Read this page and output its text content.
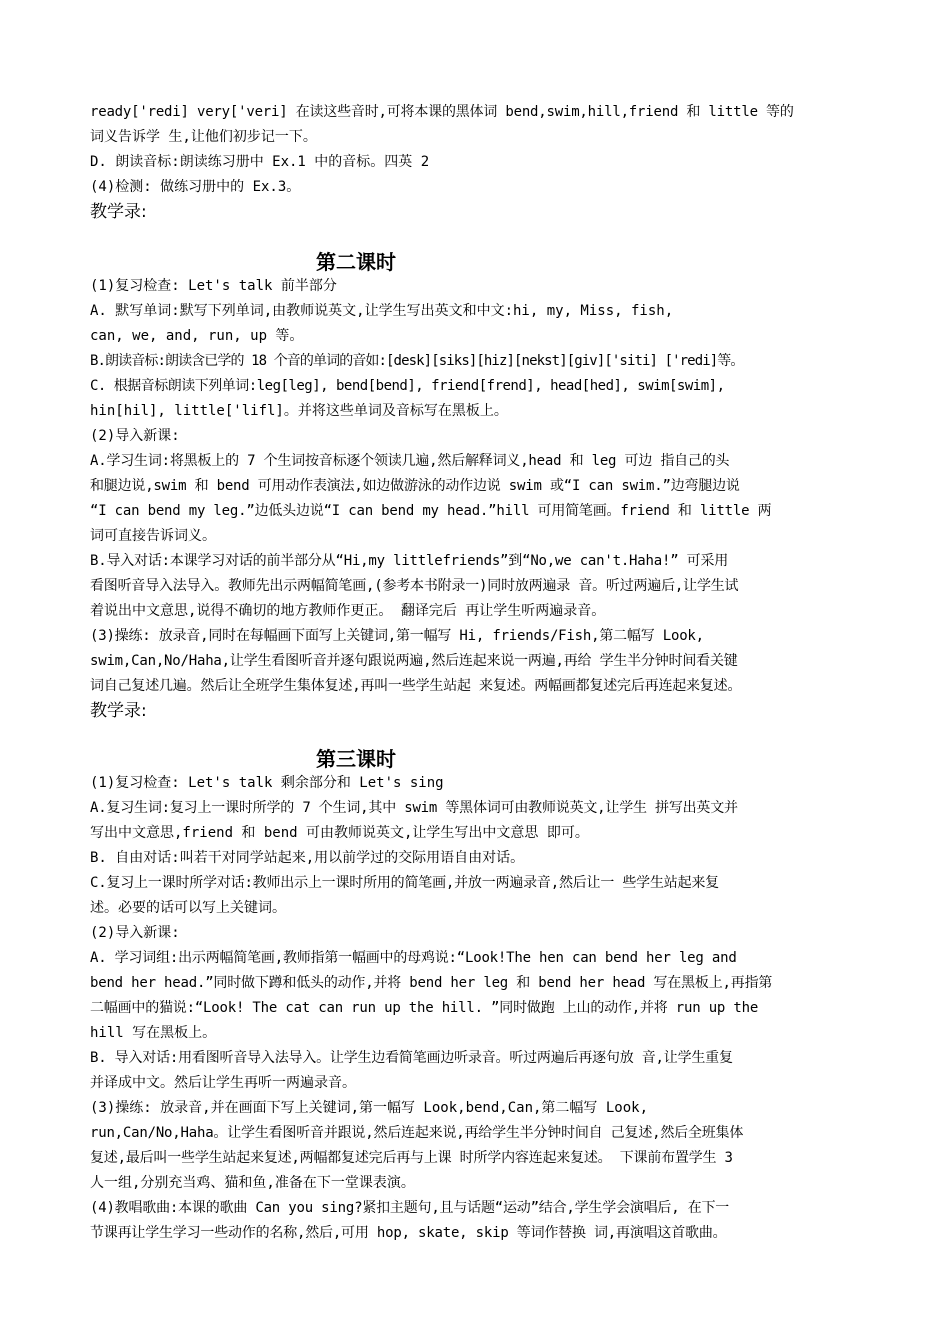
ready['redi] very['veri] 在读这些音时,可将本课的黑体词 bend,swim,hill,friend 和 little 等的
词义告诉学 生,让他们初步记一下。
D. 朗读音标:朗读练习册中 Ex.1 中的音标。四英 2
(4)检测: 做练习册中的 Ex.3。
教学录:
第二课时
(1)复习检查: Let's talk 前半部分
A. 默写单词:默写下列单词,由教师说英文,让学生写出英文和中文:hi, my, Miss, fish,
can, we, and, run, up 等。
B.朗读音标:朗读含已学的 18 个音的单词的音如:[desk][siks][hiz][nekst][giv]['siti] ['redi]等。
C. 根据音标朗读下列单词:leg[leg], bend[bend], friend[frend], head[hed], swim[swim],
hin[hil], little['lifl]。并将这些单词及音标写在黑板上。
(2)导入新课:
A.学习生词:将黑板上的 7 个生词按音标逐个领读几遍,然后解释词义,head 和 leg 可边 指自己的头
和腿边说,swim 和 bend 可用动作表演法,如边做游泳的动作边说 swim 或“I can swim.”边弯腿边说
“I can bend my leg.”边低头边说“I can bend my head.”hill 可用简笔画。friend 和 little 两
词可直接告诉词义。
B.导入对话:本课学习对话的前半部分从“Hi,my littlefriends”到“No,we can't.Haha!” 可采用
看图听音导入法导入。教师先出示两幅简笔画,(参考本书附录一)同时放两遍录 音。听过两遍后,让学生试
着说出中文意思,说得不确切的地方教师作更正。 翻译完后 再让学生听两遍录音。
(3)操练: 放录音,同时在每幅画下面写上关键词,第一幅写 Hi, friends/Fish,第二幅写 Look,
swim,Can,No/Haha,让学生看图听音并逐句跟说两遍,然后连起来说一两遍,再给 学生半分钟时间看关键
词自己复述几遍。然后让全班学生集体复述,再叫一些学生站起 来复述。两幅画都复述完后再连起来复述。
教学录:
第三课时
(1)复习检查: Let's talk 剩余部分和 Let's sing
A.复习生词:复习上一课时所学的 7 个生词,其中 swim 等黑体词可由教师说英文,让学生 拼写出英文并
写出中文意思,friend 和 bend 可由教师说英文,让学生写出中文意思 即可。
B. 自由对话:叫若干对同学站起来,用以前学过的交际用语自由对话。
C.复习上一课时所学对话:教师出示上一课时所用的简笔画,并放一两遍录音,然后让一 些学生站起来复
述。必要的话可以写上关键词。
(2)导入新课:
A. 学习词组:出示两幅简笔画,教师指第一幅画中的母鸡说:“Look!The hen can bend her leg and
bend her head.”同时做下蹲和低头的动作,并将 bend her leg 和 bend her head 写在黑板上,再指第
二幅画中的猫说:“Look! The cat can run up the hill. ”同时做跑 上山的动作,并将 run up the
hill 写在黑板上。
B. 导入对话:用看图听音导入法导入。让学生边看简笔画边听录音。听过两遍后再逐句放 音,让学生重复
并译成中文。然后让学生再听一两遍录音。
(3)操练: 放录音,并在画面下写上关键词,第一幅写 Look,bend,Can,第二幅写 Look,
run,Can/No,Haha。让学生看图听音并跟说,然后连起来说,再给学生半分钟时间自 己复述,然后全班集体
复述,最后叫一些学生站起来复述,两幅都复述完后再与上课 时所学内容连起来复述。 下课前布置学生 3
人一组,分别充当鸡、猫和鱼,准备在下一堂课表演。
(4)教唱歌曲:本课的歌曲 Can you sing?紧扣主题句,且与话题“运动”结合,学生学会演唱后, 在下一
节课再让学生学习一些动作的名称,然后,可用 hop, skate, skip 等词作替换 词,再演唱这首歌曲。
